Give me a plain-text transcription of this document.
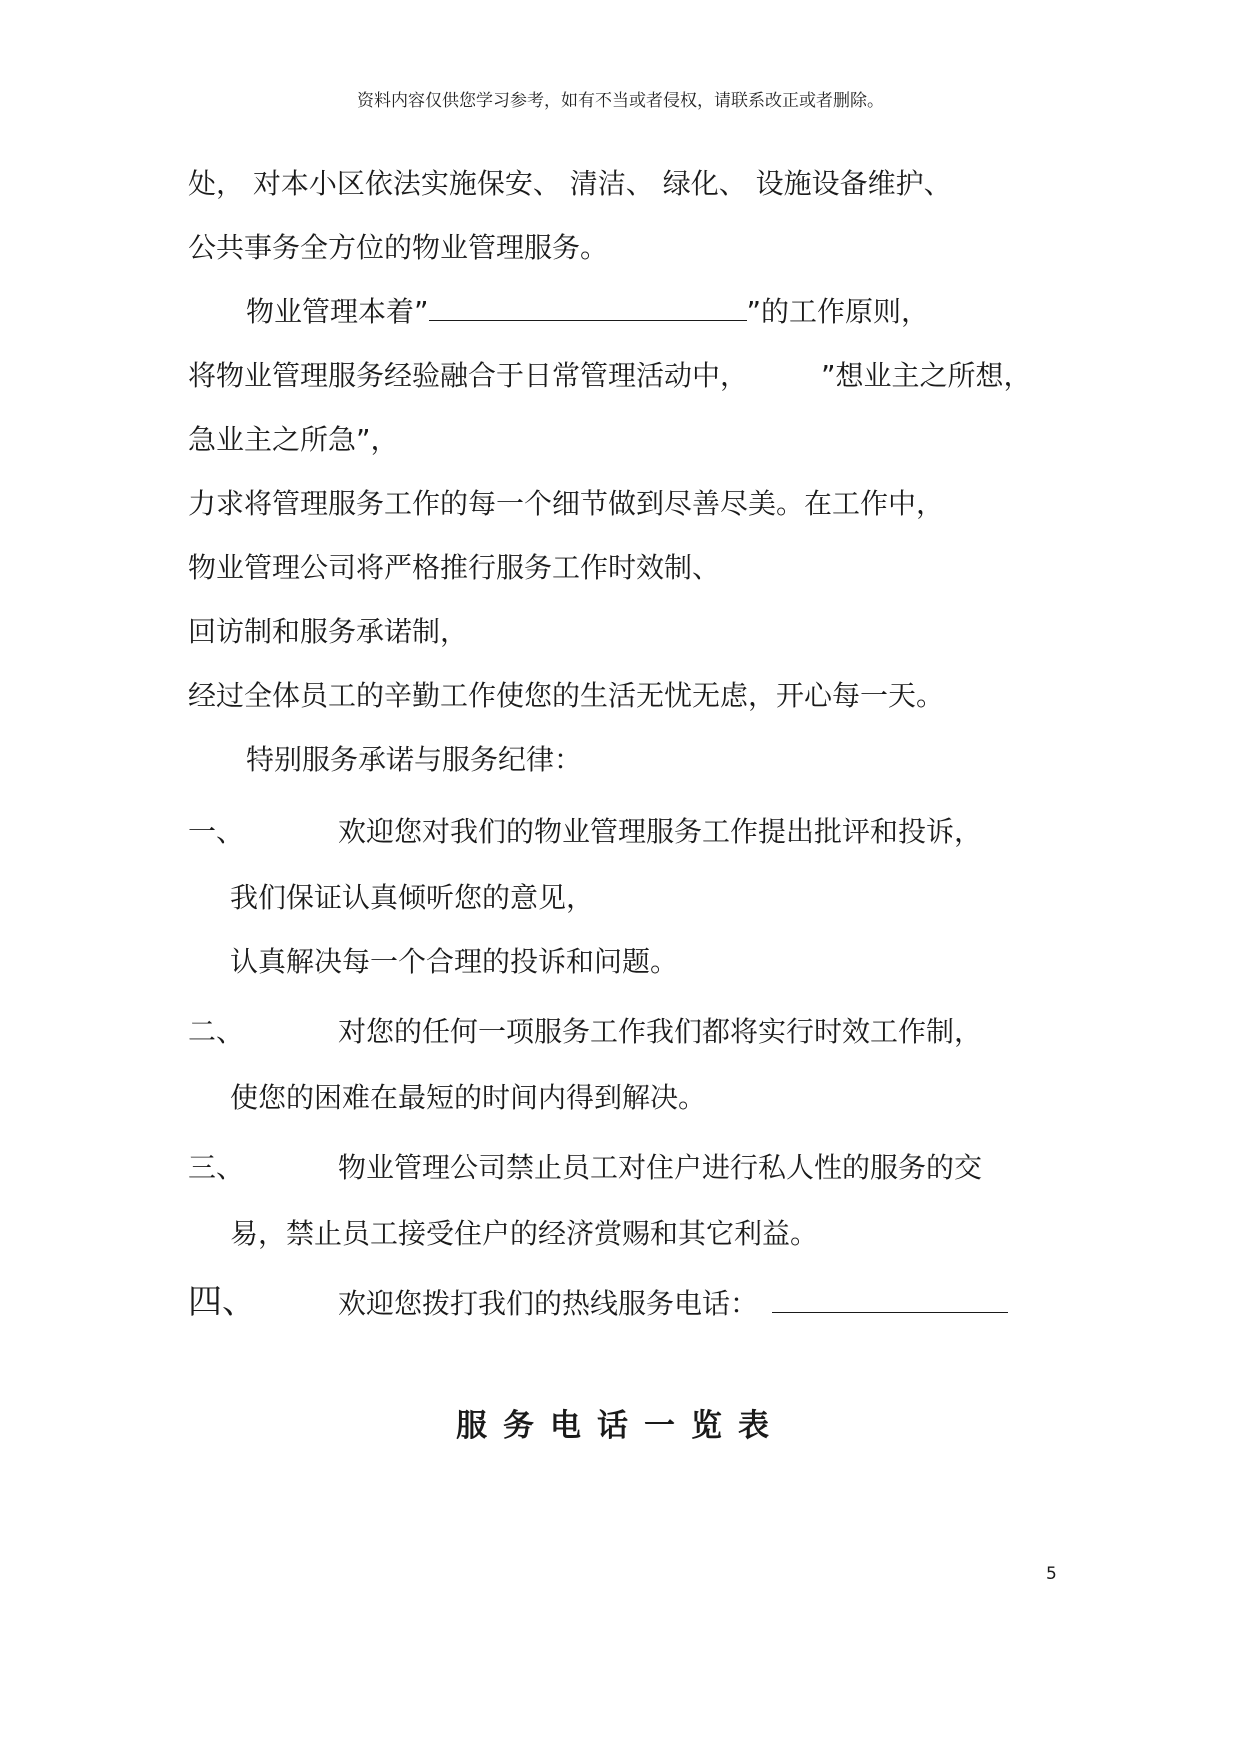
资料内容仅供您学习参考，如有不当或者侵权，请联系改正或者删除。
处， 对本小区依法实施保安、 清洁、 绿化、 设施设备维护、
公共事务全方位的物业管理服务。
物业管理本着”	”的工作原则，
将物业管理服务经验融合于日常管理活动中，	”想业主之所想，
急业主之所急”，
力求将管理服务工作的每一个细节做到尽善尽美。在工作中，
物业管理公司将严格推行服务工作时效制、
回访制和服务承诺制，
经过全体员工的辛勤工作使您的生活无忧无虑，开心每一天。
特别服务承诺与服务纪律：
一、	欢迎您对我们的物业管理服务工作提出批评和投诉，
我们保证认真倾听您的意见，
认真解决每一个合理的投诉和问题。
二、	对您的任何一项服务工作我们都将实行时效工作制，
使您的困难在最短的时间内得到解决。
三、	物业管理公司禁止员工对住户进行私人性的服务的交
易，禁止员工接受住户的经济赏赐和其它利益。
四、	欢迎您拨打我们的热线服务电话：
服务电话一览表
5
